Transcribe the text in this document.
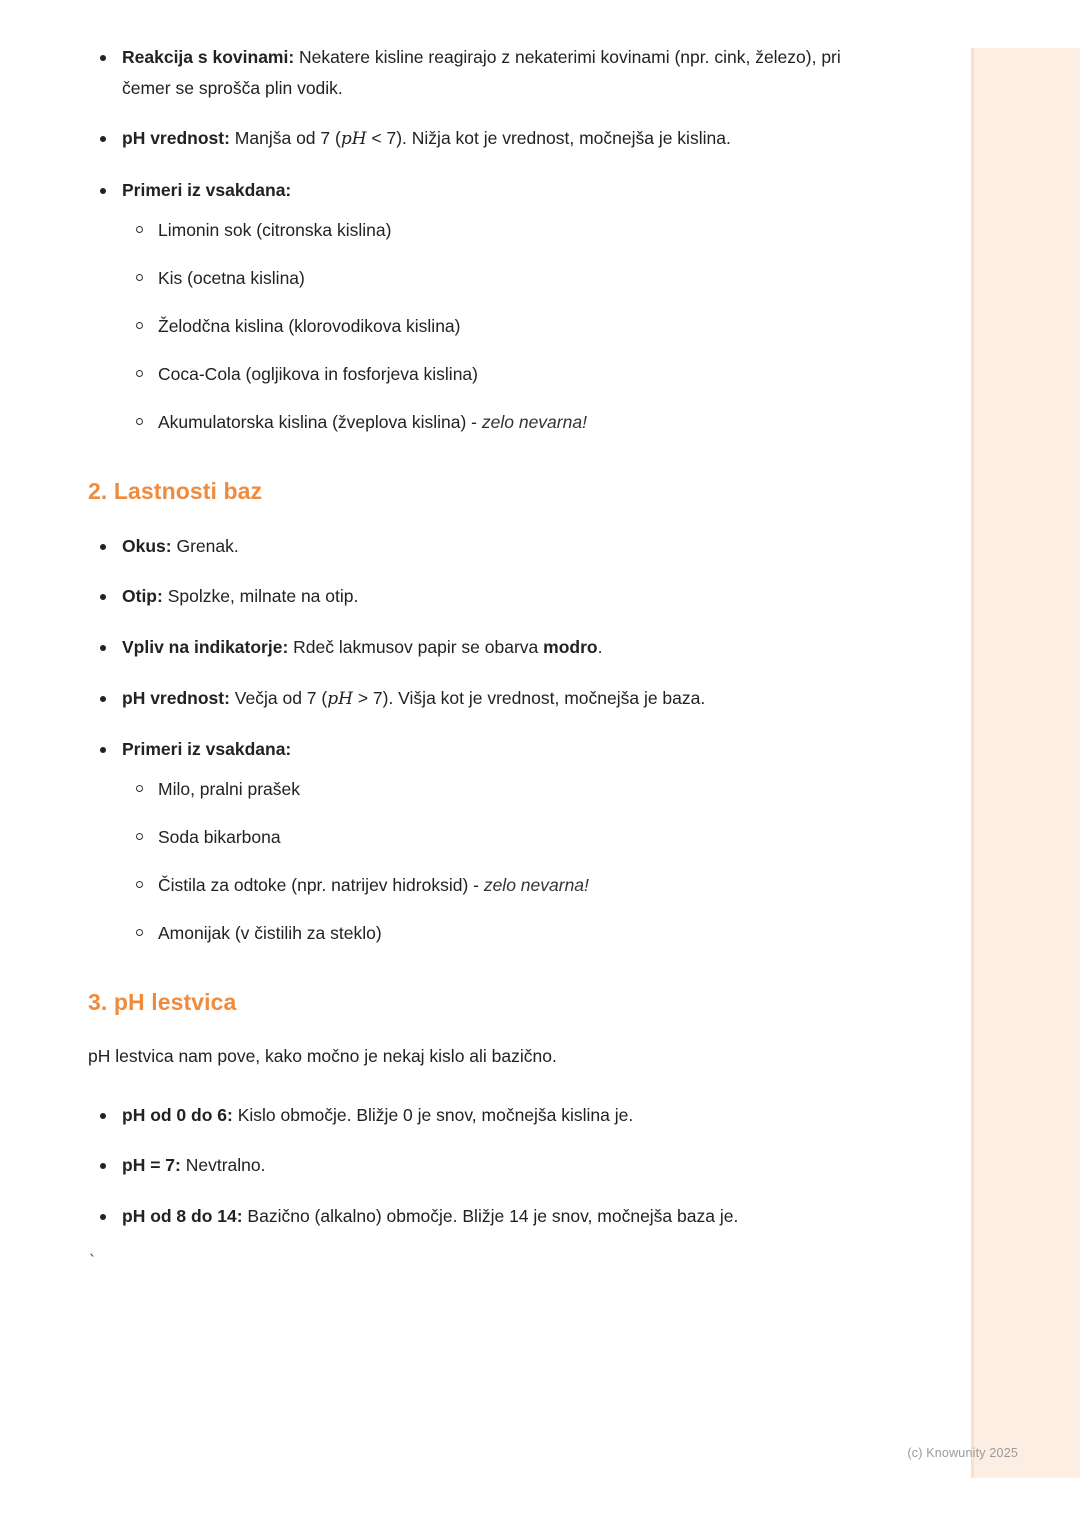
Reakcija s kovinami: Nekatere kisline reagirajo z nekaterimi kovinami (npr. cink, železo), pri čemer se sprošča plin vodik.
pH vrednost: Manjša od 7 (pH < 7). Nižja kot je vrednost, močnejša je kislina.
Primeri iz vsakdana:
Limonin sok (citronska kislina)
Kis (ocetna kislina)
Želodčna kislina (klorovodikova kislina)
Coca-Cola (ogljikova in fosforjeva kislina)
Akumulatorska kislina (žveplova kislina) - zelo nevarna!
2. Lastnosti baz
Okus: Grenak.
Otip: Spolzke, milnate na otip.
Vpliv na indikatorje: Rdeč lakmusov papir se obarva modro.
pH vrednost: Večja od 7 (pH > 7). Višja kot je vrednost, močnejša je baza.
Primeri iz vsakdana:
Milo, pralni prašek
Soda bikarbona
Čistila za odtoke (npr. natrijev hidroksid) - zelo nevarna!
Amonijak (v čistilih za steklo)
3. pH lestvica

pH lestvica nam pove, kako močno je nekaj kislo ali bazično.

pH od 0 do 6: Kislo območje. Bližje 0 je snov, močnejša kislina je.
pH = 7: Nevtralno.
pH od 8 do 14: Bazično (alkalno) območje. Bližje 14 je snov, močnejša baza je.
`
(c) Knowunity 2025
